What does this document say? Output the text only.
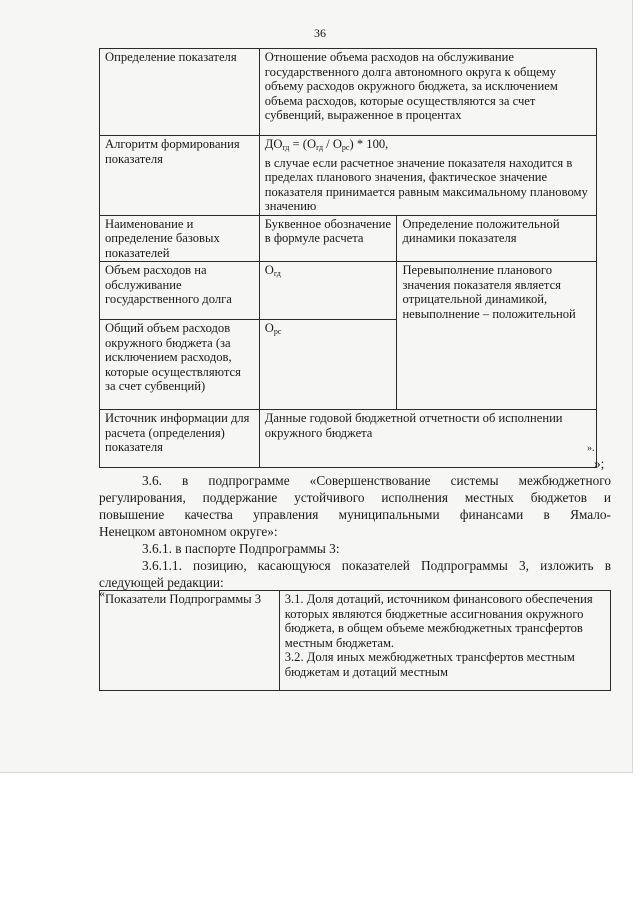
36
Определение показателя	Отношение объема расходов на обслуживание государственного долга автономного округа к общему объему расходов окружного бюджета, за исключением объема расходов, которые осуществляются за счет субвенций, выраженное в процентах	
Алгоритм формирования показателя	$ДО_{гд} = (О_{гд} / О_{рс}) * 100$,
в случае если расчетное значение показателя находится в пределах планового значения, фактическое значение показателя принимается равным максимальному плановому значению	

Наименование и определение базовых показателей	Буквенное обозначение в формуле расчета	Определение положительной динамики показателя
Объем расходов на обслуживание государственного долга	$О_{гд}$	Перевыполнение планового значения показателя является отрицательной динамикой, невыполнение – положительной
Общий объем расходов окружного бюджета (за исключением расходов, которые осуществляются за счет субвенций)	$О_{рс}$
Источник информации для расчета (определения) показателя	Данные годовой бюджетной отчетности об исполнении окружного бюджета	
».
»;
3.6. в подпрограмме «Совершенствование системы межбюджетного
регулирования, поддержание устойчивого исполнения местных бюджетов и
повышение качества управления муниципальными финансами в Ямало-
Ненецком автономном округе»:
3.6.1. в паспорте Подпрограммы 3:
3.6.1.1. позицию, касающуюся показателей Подпрограммы 3, изложить в
следующей редакции:
« Показатели Подпрограммы 3	3.1. Доля дотаций, источником финансового обеспечения которых являются бюджетные ассигнования окружного бюджета, в общем объеме межбюджетных трансфертов местным бюджетам.
3.2. Доля иных межбюджетных трансфертов местным бюджетам и дотаций местным
